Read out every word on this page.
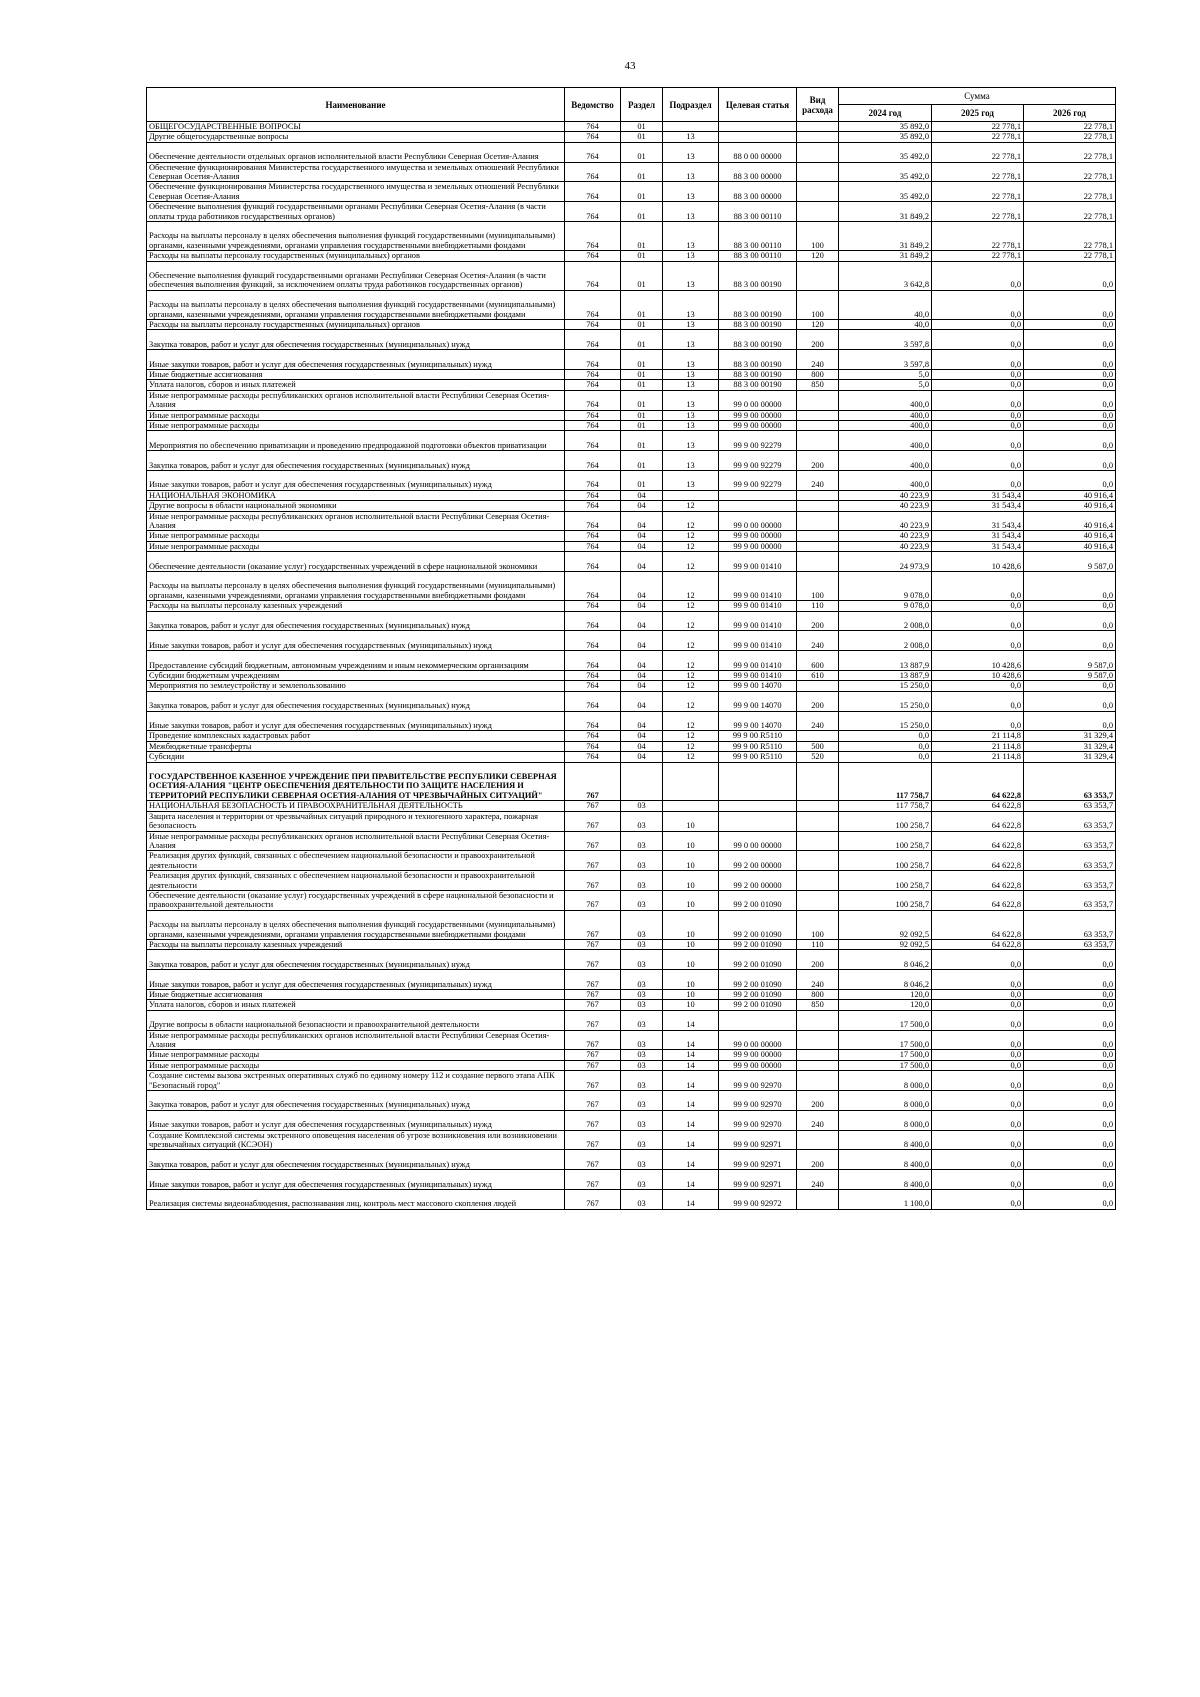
43
Наименование	Ведомство	Раздел	Подраздел	Целевая статья	Вид расхода	Сумма		
						2024 год	2025 год	2026 год
ОБЩЕГОСУДАРСТВЕННЫЕ ВОПРОСЫ	764	01				35 892,0	22 778,1	22 778,1
Другие общегосударственные вопросы	764	01	13			35 892,0	22 778,1	22 778,1
Обеспечение деятельности отдельных органов исполнительной власти Республики Северная Осетия-Алания	764	01	13	88 0 00 00000		35 492,0	22 778,1	22 778,1
Обеспечение функционирования Министерства государственного имущества и земельных отношений Республики Северная Осетия-Алания	764	01	13	88 3 00 00000		35 492,0	22 778,1	22 778,1
Обеспечение функционирования Министерства государственного имущества и земельных отношений Республики Северная Осетия-Алания	764	01	13	88 3 00 00000		35 492,0	22 778,1	22 778,1
Обеспечение выполнения функций государственными органами Республики Северная Осетия-Алания (в части оплаты труда работников государственных органов)	764	01	13	88 3 00 00110		31 849,2	22 778,1	22 778,1
Расходы на выплаты персоналу в целях обеспечения выполнения функций государственными (муниципальными) органами, казенными учреждениями, органами управления государственными внебюджетными фондами	764	01	13	88 3 00 00110	100	31 849,2	22 778,1	22 778,1
Расходы на выплаты персоналу государственных (муниципальных) органов	764	01	13	88 3 00 00110	120	31 849,2	22 778,1	22 778,1
Обеспечение выполнения функций государственными органами Республики Северная Осетия-Алания (в части обеспечения выполнения функций, за исключением оплаты труда работников государственных органов)	764	01	13	88 3 00 00190		3 642,8	0,0	0,0
Расходы на выплаты персоналу в целях обеспечения выполнения функций государственными (муниципальными) органами, казенными учреждениями, органами управления государственными внебюджетными фондами	764	01	13	88 3 00 00190	100	40,0	0,0	0,0
Расходы на выплаты персоналу государственных (муниципальных) органов	764	01	13	88 3 00 00190	120	40,0	0,0	0,0
Закупка товаров, работ и услуг для обеспечения государственных (муниципальных) нужд	764	01	13	88 3 00 00190	200	3 597,8	0,0	0,0
Иные закупки товаров, работ и услуг для обеспечения государственных (муниципальных) нужд	764	01	13	88 3 00 00190	240	3 597,8	0,0	0,0
Иные бюджетные ассигнования	764	01	13	88 3 00 00190	800	5,0	0,0	0,0
Уплата налогов, сборов и иных платежей	764	01	13	88 3 00 00190	850	5,0	0,0	0,0
Иные непрограммные расходы республиканских органов исполнительной власти Республики Северная Осетия-Алания	764	01	13	99 0 00 00000		400,0	0,0	0,0
Иные непрограммные расходы	764	01	13	99 9 00 00000		400,0	0,0	0,0
Иные непрограммные расходы	764	01	13	99 9 00 00000		400,0	0,0	0,0
Мероприятия по обеспечению приватизации и проведению предпродажной подготовки объектов приватизации	764	01	13	99 9 00 92279		400,0	0,0	0,0
Закупка товаров, работ и услуг для обеспечения государственных (муниципальных) нужд	764	01	13	99 9 00 92279	200	400,0	0,0	0,0
Иные закупки товаров, работ и услуг для обеспечения государственных (муниципальных) нужд	764	01	13	99 9 00 92279	240	400,0	0,0	0,0
НАЦИОНАЛЬНАЯ ЭКОНОМИКА	764	04				40 223,9	31 543,4	40 916,4
Другие вопросы в области национальной экономики	764	04	12			40 223,9	31 543,4	40 916,4
Иные непрограммные расходы республиканских органов исполнительной власти Республики Северная Осетия-Алания	764	04	12	99 0 00 00000		40 223,9	31 543,4	40 916,4
Иные непрограммные расходы	764	04	12	99 9 00 00000		40 223,9	31 543,4	40 916,4
Иные непрограммные расходы	764	04	12	99 9 00 00000		40 223,9	31 543,4	40 916,4
Обеспечение деятельности (оказание услуг) государственных учреждений в сфере национальной экономики	764	04	12	99 9 00 01410		24 973,9	10 428,6	9 587,0
Расходы на выплаты персоналу в целях обеспечения выполнения функций государственными (муниципальными) органами, казенными учреждениями, органами управления государственными внебюджетными фондами	764	04	12	99 9 00 01410	100	9 078,0	0,0	0,0
Расходы на выплаты персоналу казенных учреждений	764	04	12	99 9 00 01410	110	9 078,0	0,0	0,0
Закупка товаров, работ и услуг для обеспечения государственных (муниципальных) нужд	764	04	12	99 9 00 01410	200	2 008,0	0,0	0,0
Иные закупки товаров, работ и услуг для обеспечения государственных (муниципальных) нужд	764	04	12	99 9 00 01410	240	2 008,0	0,0	0,0
Предоставление субсидий бюджетным, автономным учреждениям и иным некоммерческим организациям	764	04	12	99 9 00 01410	600	13 887,9	10 428,6	9 587,0
Субсидии бюджетным учреждениям	764	04	12	99 9 00 01410	610	13 887,9	10 428,6	9 587,0
Мероприятия по землеустройству и землепользованию	764	04	12	99 9 00 14070		15 250,0	0,0	0,0
Закупка товаров, работ и услуг для обеспечения государственных (муниципальных) нужд	764	04	12	99 9 00 14070	200	15 250,0	0,0	0,0
Иные закупки товаров, работ и услуг для обеспечения государственных (муниципальных) нужд	764	04	12	99 9 00 14070	240	15 250,0	0,0	0,0
Проведение комплексных кадастровых работ	764	04	12	99 9 00 R5110		0,0	21 114,8	31 329,4
Межбюджетные трансферты	764	04	12	99 9 00 R5110	500	0,0	21 114,8	31 329,4
Субсидии	764	04	12	99 9 00 R5110	520	0,0	21 114,8	31 329,4
ГОСУДАРСТВЕННОЕ КАЗЕННОЕ УЧРЕЖДЕНИЕ ПРИ ПРАВИТЕЛЬСТВЕ РЕСПУБЛИКИ СЕВЕРНАЯ ОСЕТИЯ-АЛАНИЯ "ЦЕНТР ОБЕСПЕЧЕНИЯ ДЕЯТЕЛЬНОСТИ ПО ЗАЩИТЕ НАСЕЛЕНИЯ И ТЕРРИТОРИЙ РЕСПУБЛИКИ СЕВЕРНАЯ ОСЕТИЯ-АЛАНИЯ ОТ ЧРЕЗВЫЧАЙНЫХ СИТУАЦИЙ"	767					117 758,7	64 622,8	63 353,7
НАЦИОНАЛЬНАЯ БЕЗОПАСНОСТЬ И ПРАВООХРАНИТЕЛЬНАЯ ДЕЯТЕЛЬНОСТЬ	767	03				117 758,7	64 622,8	63 353,7
Защита населения и территории от чрезвычайных ситуаций природного и техногенного характера, пожарная безопасность	767	03	10			100 258,7	64 622,8	63 353,7
Иные непрограммные расходы республиканских органов исполнительной власти Республики Северная Осетия-Алания	767	03	10	99 0 00 00000		100 258,7	64 622,8	63 353,7
Реализация других функций, связанных с обеспечением национальной безопасности и правоохранительной деятельности	767	03	10	99 2 00 00000		100 258,7	64 622,8	63 353,7
Реализация других функций, связанных с обеспечением национальной безопасности и правоохранительной деятельности	767	03	10	99 2 00 00000		100 258,7	64 622,8	63 353,7
Обеспечение деятельности (оказание услуг) государственных учреждений в сфере национальной безопасности и правоохранительной деятельности	767	03	10	99 2 00 01090		100 258,7	64 622,8	63 353,7
Расходы на выплаты персоналу в целях обеспечения выполнения функций государственными (муниципальными) органами, казенными учреждениями, органами управления государственными внебюджетными фондами	767	03	10	99 2 00 01090	100	92 092,5	64 622,8	63 353,7
Расходы на выплаты персоналу казенных учреждений	767	03	10	99 2 00 01090	110	92 092,5	64 622,8	63 353,7
Закупка товаров, работ и услуг для обеспечения государственных (муниципальных) нужд	767	03	10	99 2 00 01090	200	8 046,2	0,0	0,0
Иные закупки товаров, работ и услуг для обеспечения государственных (муниципальных) нужд	767	03	10	99 2 00 01090	240	8 046,2	0,0	0,0
Иные бюджетные ассигнования	767	03	10	99 2 00 01090	800	120,0	0,0	0,0
Уплата налогов, сборов и иных платежей	767	03	10	99 2 00 01090	850	120,0	0,0	0,0
Другие вопросы в области национальной безопасности и правоохранительной деятельности	767	03	14			17 500,0	0,0	0,0
Иные непрограммные расходы республиканских органов исполнительной власти Республики Северная Осетия-Алания	767	03	14	99 0 00 00000		17 500,0	0,0	0,0
Иные непрограммные расходы	767	03	14	99 9 00 00000		17 500,0	0,0	0,0
Иные непрограммные расходы	767	03	14	99 9 00 00000		17 500,0	0,0	0,0
Создание системы вызова экстренных оперативных служб по единому номеру 112 и создание первого этапа АПК "Безопасный город"	767	03	14	99 9 00 92970		8 000,0	0,0	0,0
Закупка товаров, работ и услуг для обеспечения государственных (муниципальных) нужд	767	03	14	99 9 00 92970	200	8 000,0	0,0	0,0
Иные закупки товаров, работ и услуг для обеспечения государственных (муниципальных) нужд	767	03	14	99 9 00 92970	240	8 000,0	0,0	0,0
Создание Комплексной системы экстренного оповещения населения об угрозе возникновения или возникновении чрезвычайных ситуаций (КСЭОН)	767	03	14	99 9 00 92971		8 400,0	0,0	0,0
Закупка товаров, работ и услуг для обеспечения государственных (муниципальных) нужд	767	03	14	99 9 00 92971	200	8 400,0	0,0	0,0
Иные закупки товаров, работ и услуг для обеспечения государственных (муниципальных) нужд	767	03	14	99 9 00 92971	240	8 400,0	0,0	0,0
Реализация системы видеонаблюдения, распознавания лиц, контроль мест массового скопления людей	767	03	14	99 9 00 92972		1 100,0	0,0	0,0
